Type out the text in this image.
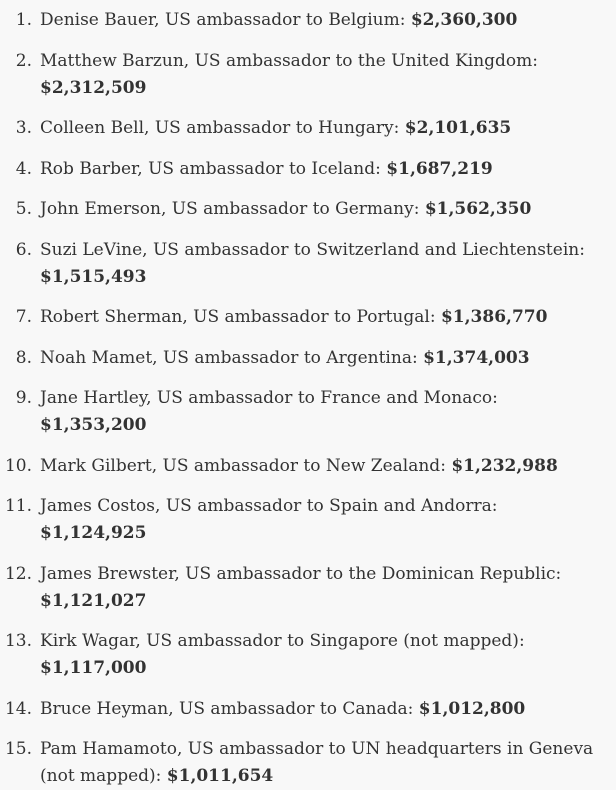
1. Denise Bauer, US ambassador to Belgium: $2,360,300
2. Matthew Barzun, US ambassador to the United Kingdom: $2,312,509
3. Colleen Bell, US ambassador to Hungary: $2,101,635
4. Rob Barber, US ambassador to Iceland: $1,687,219
5. John Emerson, US ambassador to Germany: $1,562,350
6. Suzi LeVine, US ambassador to Switzerland and Liechtenstein: $1,515,493
7. Robert Sherman, US ambassador to Portugal: $1,386,770
8. Noah Mamet, US ambassador to Argentina: $1,374,003
9. Jane Hartley, US ambassador to France and Monaco: $1,353,200
10. Mark Gilbert, US ambassador to New Zealand: $1,232,988
11. James Costos, US ambassador to Spain and Andorra: $1,124,925
12. James Brewster, US ambassador to the Dominican Republic: $1,121,027
13. Kirk Wagar, US ambassador to Singapore (not mapped): $1,117,000
14. Bruce Heyman, US ambassador to Canada: $1,012,800
15. Pam Hamamoto, US ambassador to UN headquarters in Geneva (not mapped): $1,011,654
